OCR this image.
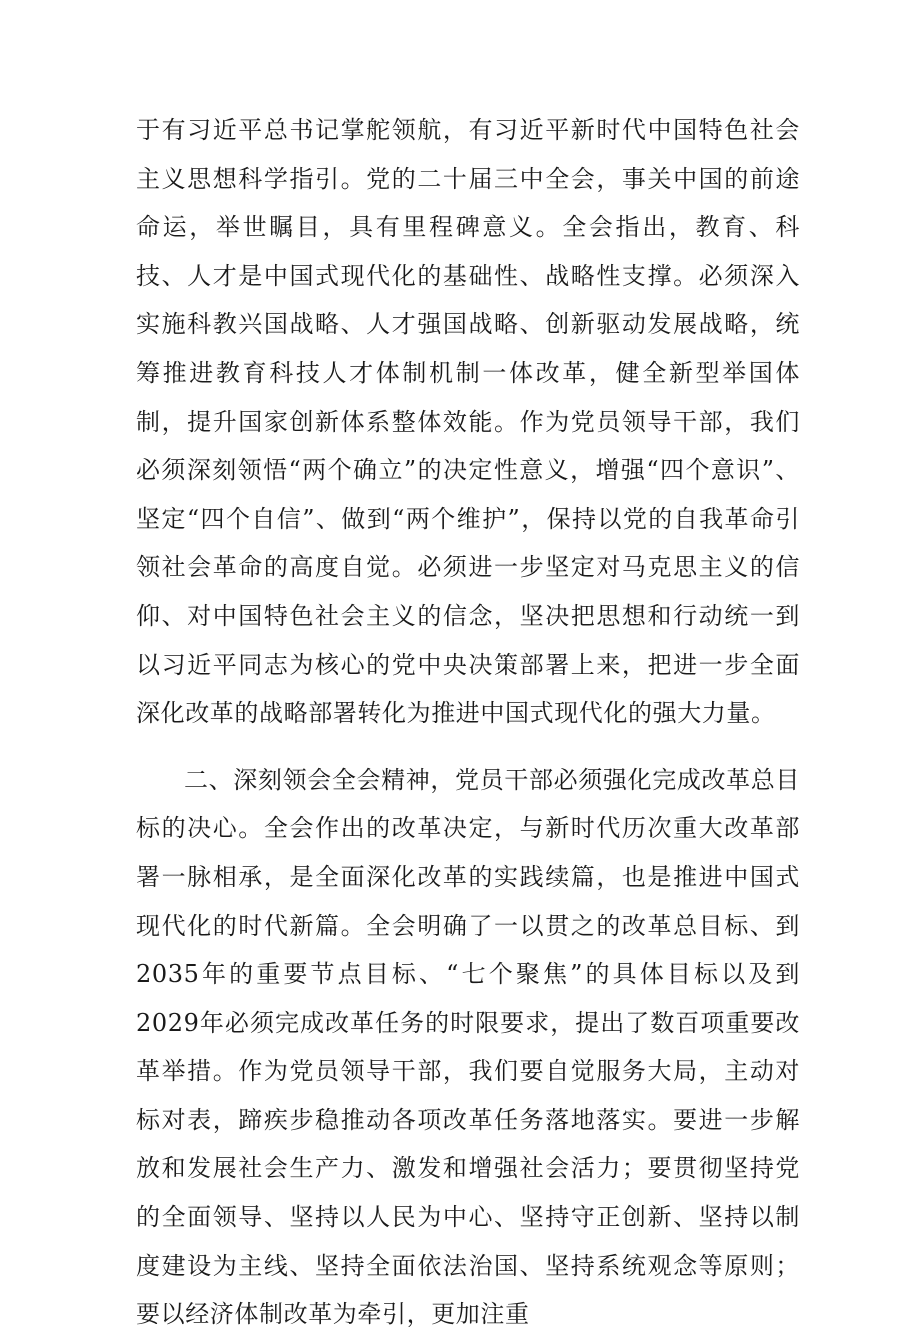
于有习近平总书记掌舵领航，有习近平新时代中国特色社会主义思想科学指引。党的二十届三中全会，事关中国的前途命运，举世瞩目，具有里程碑意义。全会指出，教育、科技、人才是中国式现代化的基础性、战略性支撑。必须深入实施科教兴国战略、人才强国战略、创新驱动发展战略，统筹推进教育科技人才体制机制一体改革，健全新型举国体制，提升国家创新体系整体效能。作为党员领导干部，我们必须深刻领悟“两个确立”的决定性意义，增强“四个意识”、坚定“四个自信”、做到“两个维护”，保持以党的自我革命引领社会革命的高度自觉。必须进一步坚定对马克思主义的信仰、对中国特色社会主义的信念，坚决把思想和行动统一到以习近平同志为核心的党中央决策部署上来，把进一步全面深化改革的战略部署转化为推进中国式现代化的强大力量。

二、深刻领会全会精神，党员干部必须强化完成改革总目标的决心。全会作出的改革决定，与新时代历次重大改革部署一脉相承，是全面深化改革的实践续篇，也是推进中国式现代化的时代新篇。全会明确了一以贯之的改革总目标、到2035年的重要节点目标、“七个聚焦”的具体目标以及到2029年必须完成改革任务的时限要求，提出了数百项重要改革举措。作为党员领导干部，我们要自觉服务大局，主动对标对表，蹄疾步稳推动各项改革任务落地落实。要进一步解放和发展社会生产力、激发和增强社会活力；要贯彻坚持党的全面领导、坚持以人民为中心、坚持守正创新、坚持以制度建设为主线、坚持全面依法治国、坚持系统观念等原则；要以经济体制改革为牵引，更加注重
